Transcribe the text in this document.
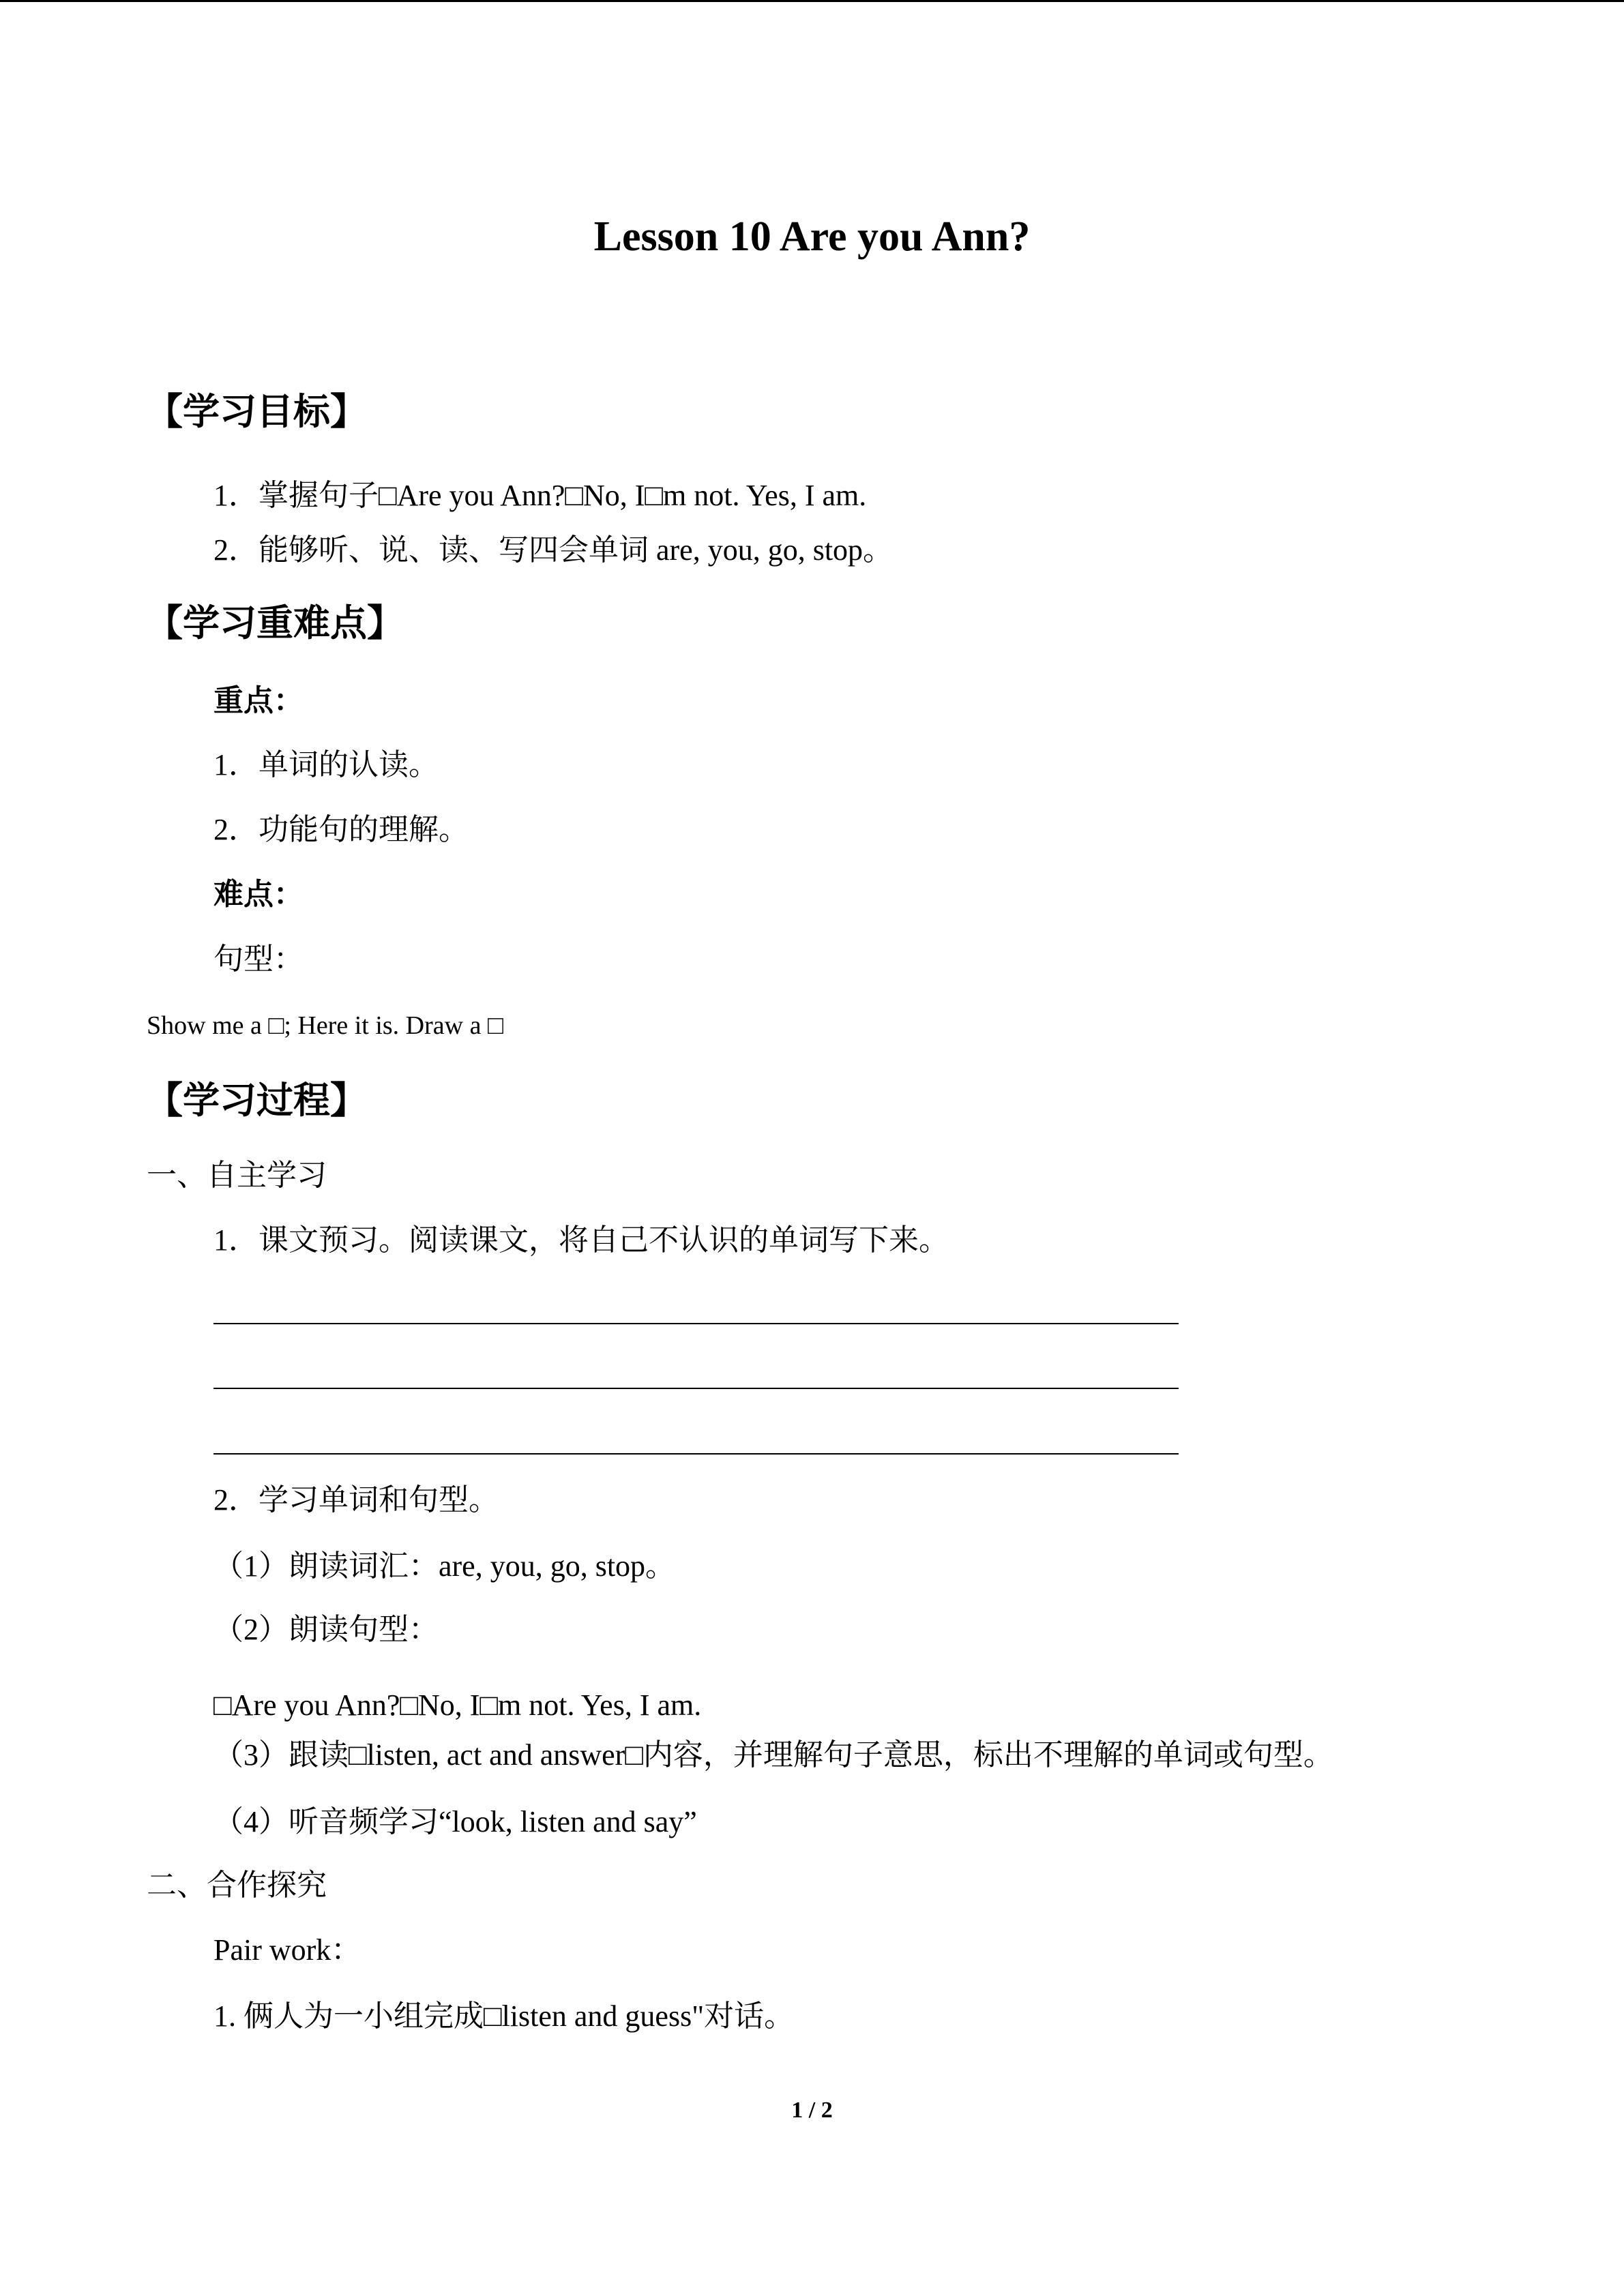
Lesson 10 Are you Ann?
【学习目标】
1．掌握句子□Are you Ann?□No, I□m not. Yes, I am.
2．能够听、说、读、写四会单词 are, you, go, stop。
【学习重难点】
重点：
1．单词的认读。
2．功能句的理解。
难点：
句型：
Show me a □; Here it is. Draw a □
【学习过程】
一、自主学习
1．课文预习。阅读课文，将自己不认识的单词写下来。
2．学习单词和句型。
（1）朗读词汇：are, you, go, stop。
（2）朗读句型：
□Are you Ann?□No, I□m not. Yes, I am.
（3）跟读□listen, act and answer□内容，并理解句子意思，标出不理解的单词或句型。
（4）听音频学习“look, listen and say”
二、合作探究
Pair work：
1. 俩人为一小组完成□listen and guess"对话。
1 / 2
